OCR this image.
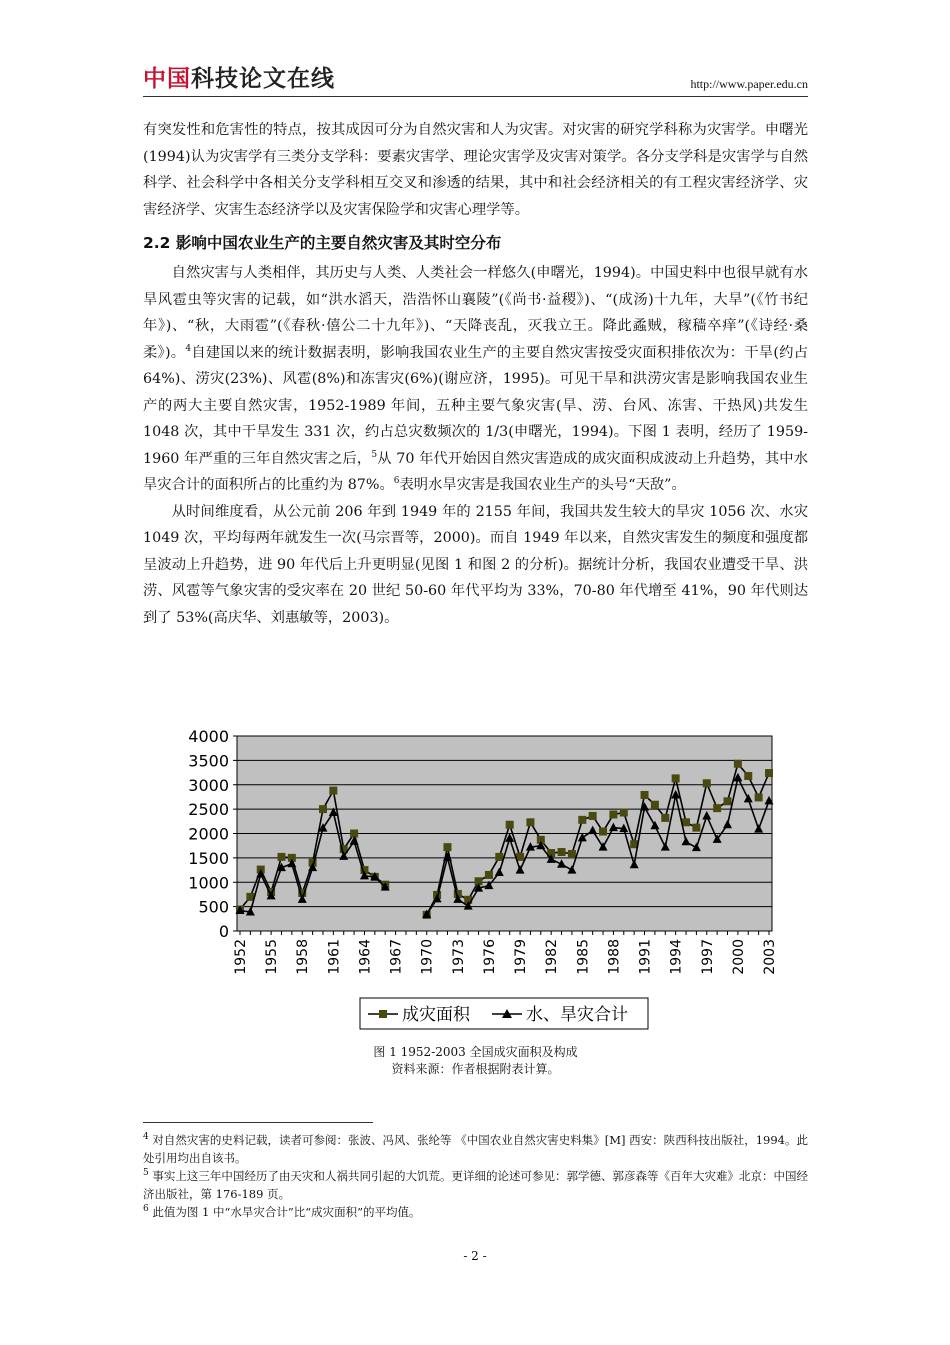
中国科技论文在线	http://www.paper.edu.cn

有突发性和危害性的特点，按其成因可分为自然灾害和人为灾害。对灾害的研究学科称为灾害学。申曙光(1994)认为灾害学有三类分支学科：要素灾害学、理论灾害学及灾害对策学。各分支学科是灾害学与自然科学、社会科学中各相关分支学科相互交叉和渗透的结果，其中和社会经济相关的有工程灾害经济学、灾害经济学、灾害生态经济学以及灾害保险学和灾害心理学等。

2.2 影响中国农业生产的主要自然灾害及其时空分布

自然灾害与人类相伴，其历史与人类、人类社会一样悠久(申曙光，1994)。中国史料中也很早就有水旱风雹虫等灾害的记载，如“洪水滔天，浩浩怀山襄陵”(《尚书·益稷》)、“(成汤)十九年，大旱”(《竹书纪年》)、“秋，大雨雹”(《春秋·僖公二十九年》)、“天降丧乱，灭我立王。降此蟊贼，稼穑卒痒”(《诗经·桑柔》)。$^4$自建国以来的统计数据表明，影响我国农业生产的主要自然灾害按受灾面积排依次为：干旱(约占 64%)、涝灾(23%)、风雹(8%)和冻害灾(6%)(谢应济，1995)。可见干旱和洪涝灾害是影响我国农业生产的两大主要自然灾害，1952-1989 年间，五种主要气象灾害(旱、涝、台风、冻害、干热风)共发生 1048 次，其中干旱发生 331 次，约占总灾数频次的 1/3(申曙光，1994)。下图 1 表明，经历了 1959-1960 年严重的三年自然灾害之后，$^5$从 70 年代开始因自然灾害造成的成灾面积成波动上升趋势，其中水旱灾合计的面积所占的比重约为 87%。$^6$表明水旱灾害是我国农业生产的头号“天敌”。

从时间维度看，从公元前 206 年到 1949 年的 2155 年间，我国共发生较大的旱灾 1056 次、水灾 1049 次，平均每两年就发生一次(马宗晋等，2000)。而自 1949 年以来，自然灾害发生的频度和强度都呈波动上升趋势，进 90 年代后上升更明显(见图 1 和图 2 的分析)。据统计分析，我国农业遭受干旱、洪涝、风雹等气象灾害的受灾率在 20 世纪 50-60 年代平均为 33%，70-80 年代增至 41%，90 年代则达到了 53%(高庆华、刘惠敏等，2003)。

0
500
1000
1500
2000
2500
3000
3500
4000
1952 1955 1958 1961 1964 1967 1970 1973 1976 1979 1982 1985 1988 1991 1994 1997 2000 2003
成灾面积	水、旱灾合计
图 1 1952-2003 全国成灾面积及构成
资料来源：作者根据附表计算。

$^4$ 对自然灾害的史料记载，读者可参阅：张波、冯风、张纶等 《中国农业自然灾害史料集》[M] 西安：陕西科技出版社，1994。此处引用均出自该书。

$^5$ 事实上这三年中国经历了由天灾和人祸共同引起的大饥荒。更详细的论述可参见：郭学德、郭彦森等《百年大灾难》北京：中国经济出版社，第 176-189 页。

$^6$ 此值为图 1 中“水旱灾合计”比“成灾面积”的平均值。

- 2 -
